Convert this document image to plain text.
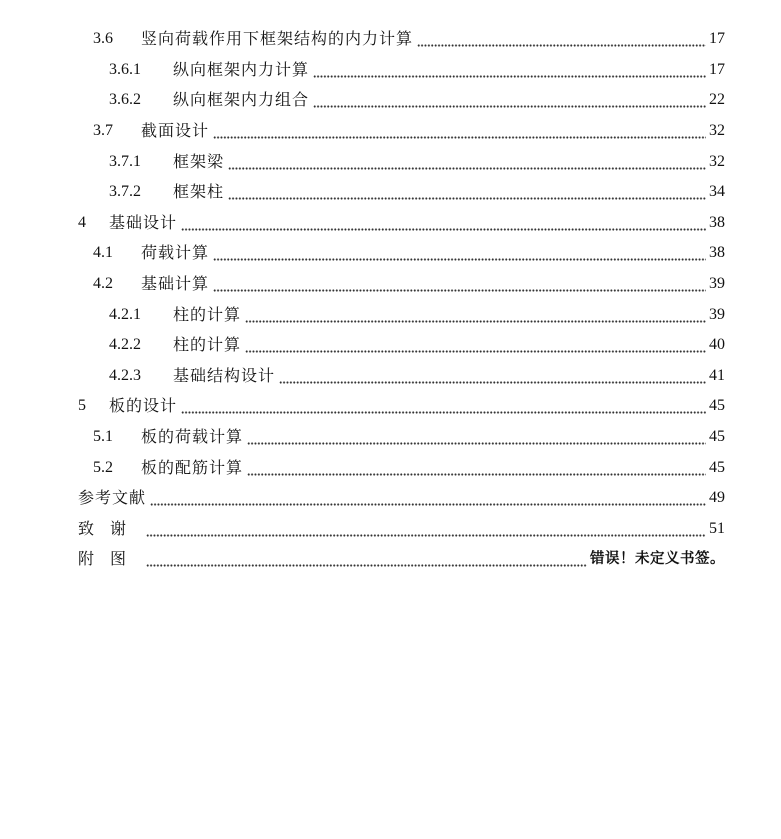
3.6	竖向荷载作用下框架结构的内力计算	17
3.6.1	纵向框架内力计算	17
3.6.2	纵向框架内力组合	22
3.7	截面设计	32
3.7.1	框架梁	32
3.7.2	框架柱	34
4	基础设计	38
4.1	荷载计算	38
4.2	基础计算	39
4.2.1	柱的计算	39
4.2.2	柱的计算	40
4.2.3	基础结构设计	41
5	板的设计	45
5.1	板的荷载计算	45
5.2	板的配筋计算	45
参考文献	49
致谢	51
附图	错误！未定义书签。
